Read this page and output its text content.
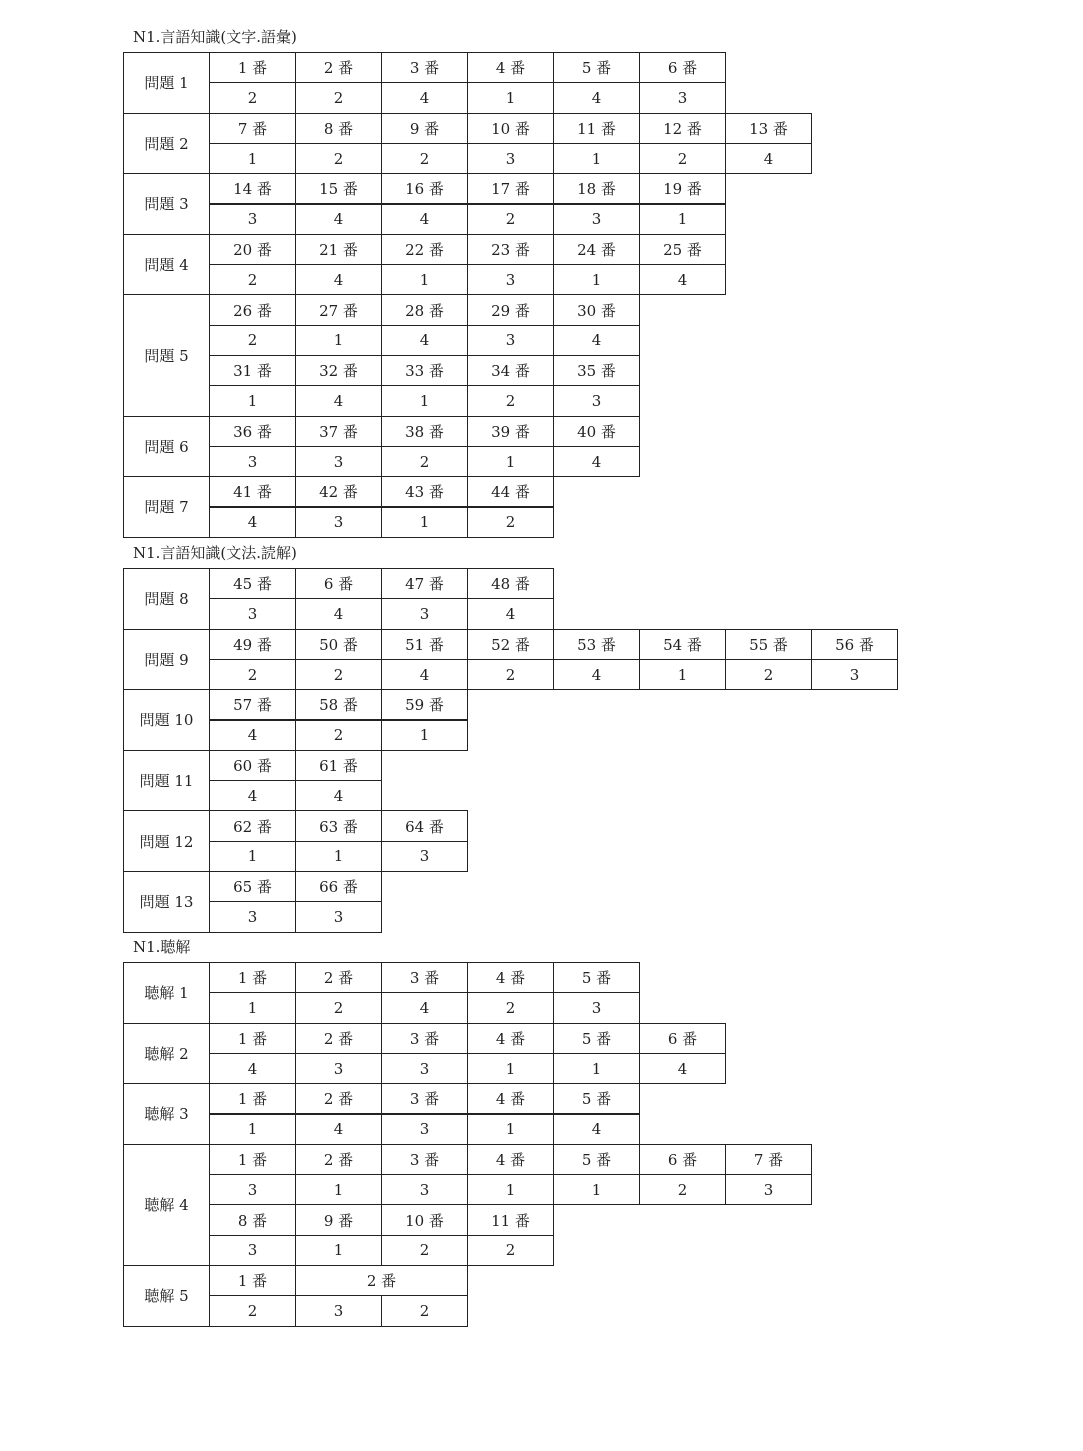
N1.言語知識(文字.語彙)
問題 1
1 番
2
2 番
2
3 番
4
4 番
1
5 番
4
6 番
3
問題 2
7 番
1
8 番
2
9 番
2
10 番
3
11 番
1
12 番
2
13 番
4
問題 3
14 番
3
15 番
4
16 番
4
17 番
2
18 番
3
19 番
1
問題 4
20 番
2
21 番
4
22 番
1
23 番
3
24 番
1
25 番
4
問題 5
26 番
2
27 番
1
28 番
4
29 番
3
30 番
4
31 番
1
32 番
4
33 番
1
34 番
2
35 番
3
問題 6
36 番
3
37 番
3
38 番
2
39 番
1
40 番
4
問題 7
41 番
4
42 番
3
43 番
1
44 番
2
N1.言語知識(文法.読解)
問題 8
45 番
3
6 番
4
47 番
3
48 番
4
問題 9
49 番
2
50 番
2
51 番
4
52 番
2
53 番
4
54 番
1
55 番
2
56 番
3
問題 10
57 番
4
58 番
2
59 番
1
問題 11
60 番
4
61 番
4
問題 12
62 番
1
63 番
1
64 番
3
問題 13
65 番
3
66 番
3
N1.聴解
聴解 1
1 番
1
2 番
2
3 番
4
4 番
2
5 番
3
聴解 2
1 番
4
2 番
3
3 番
3
4 番
1
5 番
1
6 番
4
聴解 3
1 番
1
2 番
4
3 番
3
4 番
1
5 番
4
聴解 4
1 番
3
2 番
1
3 番
3
4 番
1
5 番
1
6 番
2
7 番
3
8 番
3
9 番
1
10 番
2
11 番
2
聴解 5
1 番
2
2 番
3	2
